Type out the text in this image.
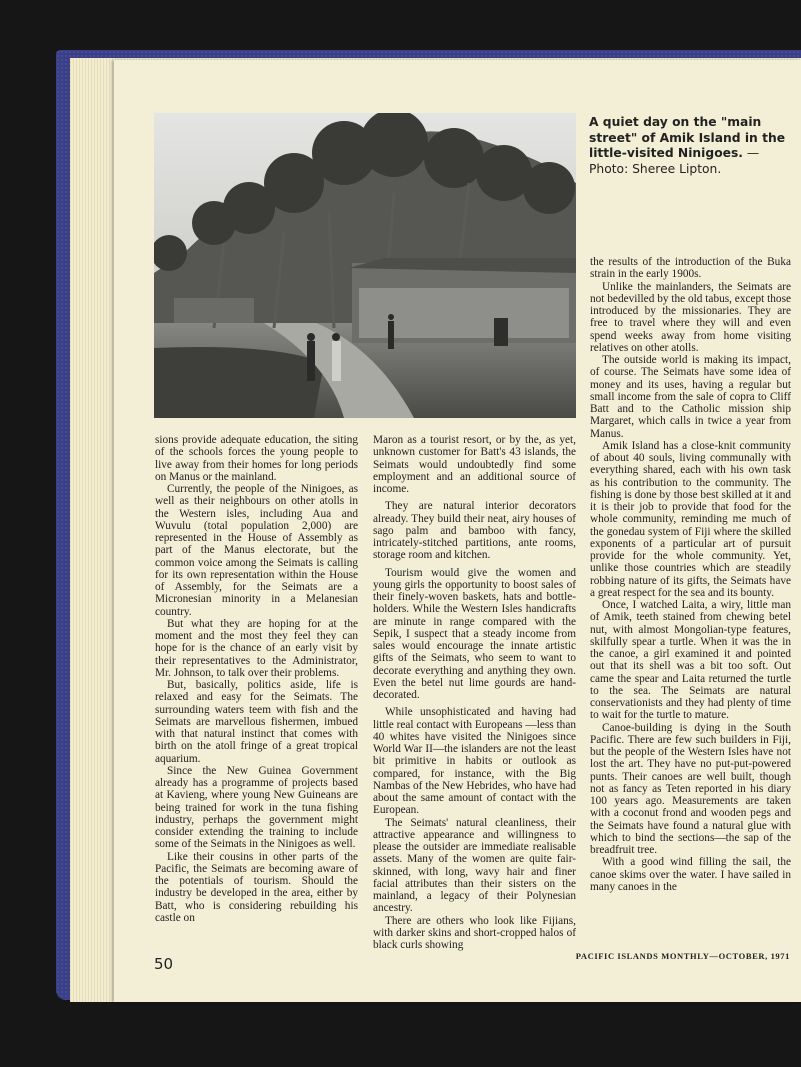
A quiet day on the "main street" of Amik Island in the little-visited Ninigoes. — Photo: Sheree Lipton.

sions provide adequate education, the siting of the schools forces the young people to live away from their homes for long periods on Manus or the mainland.

Currently, the people of the Ninigoes, as well as their neighbours on other atolls in the Western isles, including Aua and Wuvulu (total population 2,000) are represented in the House of Assembly as part of the Manus electorate, but the common voice among the Seimats is calling for its own representation within the House of Assembly, for the Seimats are a Micronesian minority in a Melanesian country.

But what they are hoping for at the moment and the most they feel they can hope for is the chance of an early visit by their representatives to the Administrator, Mr. Johnson, to talk over their problems.

But, basically, politics aside, life is relaxed and easy for the Seimats. The surrounding waters teem with fish and the Seimats are marvellous fishermen, imbued with that natural instinct that comes with birth on the atoll fringe of a great tropical aquarium.

Since the New Guinea Government already has a programme of projects based at Kavieng, where young New Guineans are being trained for work in the tuna fishing industry, perhaps the government might consider extending the training to include some of the Seimats in the Ninigoes as well.

Like their cousins in other parts of the Pacific, the Seimats are becoming aware of the potentials of tourism. Should the industry be developed in the area, either by Batt, who is considering rebuilding his castle on

Maron as a tourist resort, or by the, as yet, unknown customer for Batt's 43 islands, the Seimats would undoubtedly find some employment and an additional source of income.

They are natural interior decorators already. They build their neat, airy houses of sago palm and bamboo with fancy, intricately-stitched partitions, ante rooms, storage room and kitchen.

Tourism would give the women and young girls the opportunity to boost sales of their finely-woven baskets, hats and bottle-holders. While the Western Isles handicrafts are minute in range compared with the Sepik, I suspect that a steady income from sales would encourage the innate artistic gifts of the Seimats, who seem to want to decorate everything and anything they own. Even the betel nut lime gourds are hand-decorated.

While unsophisticated and having had little real contact with Europeans —less than 40 whites have visited the Ninigoes since World War II—the islanders are not the least bit primitive in habits or outlook as compared, for instance, with the Big Nambas of the New Hebrides, who have had about the same amount of contact with the European.

The Seimats' natural cleanliness, their attractive appearance and willingness to please the outsider are immediate realisable assets. Many of the women are quite fair-skinned, with long, wavy hair and finer facial attributes than their sisters on the mainland, a legacy of their Polynesian ancestry.

There are others who look like Fijians, with darker skins and short-cropped halos of black curls showing

the results of the introduction of the Buka strain in the early 1900s.

Unlike the mainlanders, the Seimats are not bedevilled by the old tabus, except those introduced by the missionaries. They are free to travel where they will and even spend weeks away from home visiting relatives on other atolls.

The outside world is making its impact, of course. The Seimats have some idea of money and its uses, having a regular but small income from the sale of copra to Cliff Batt and to the Catholic mission ship Margaret, which calls in twice a year from Manus.

Amik Island has a close-knit community of about 40 souls, living communally with everything shared, each with his own task as his contribution to the community. The fishing is done by those best skilled at it and it is their job to provide that food for the whole community, reminding me much of the gonedau system of Fiji where the skilled exponents of a particular art of pursuit provide for the whole community. Yet, unlike those countries which are steadily robbing nature of its gifts, the Seimats have a great respect for the sea and its bounty.

Once, I watched Laita, a wiry, little man of Amik, teeth stained from chewing betel nut, with almost Mongolian-type features, skilfully spear a turtle. When it was the in the canoe, a girl examined it and pointed out that its shell was a bit too soft. Out came the spear and Laita returned the turtle to the sea. The Seimats are natural conservationists and they had plenty of time to wait for the turtle to mature.

Canoe-building is dying in the South Pacific. There are few such builders in Fiji, but the people of the Western Isles have not lost the art. They have no put-put-powered punts. Their canoes are well built, though not as fancy as Teten reported in his diary 100 years ago. Measurements are taken with a coconut frond and wooden pegs and the Seimats have found a natural glue with which to bind the sections—the sap of the breadfruit tree.

With a good wind filling the sail, the canoe skims over the water. I have sailed in many canoes in the

50	PACIFIC ISLANDS MONTHLY—OCTOBER, 1971
